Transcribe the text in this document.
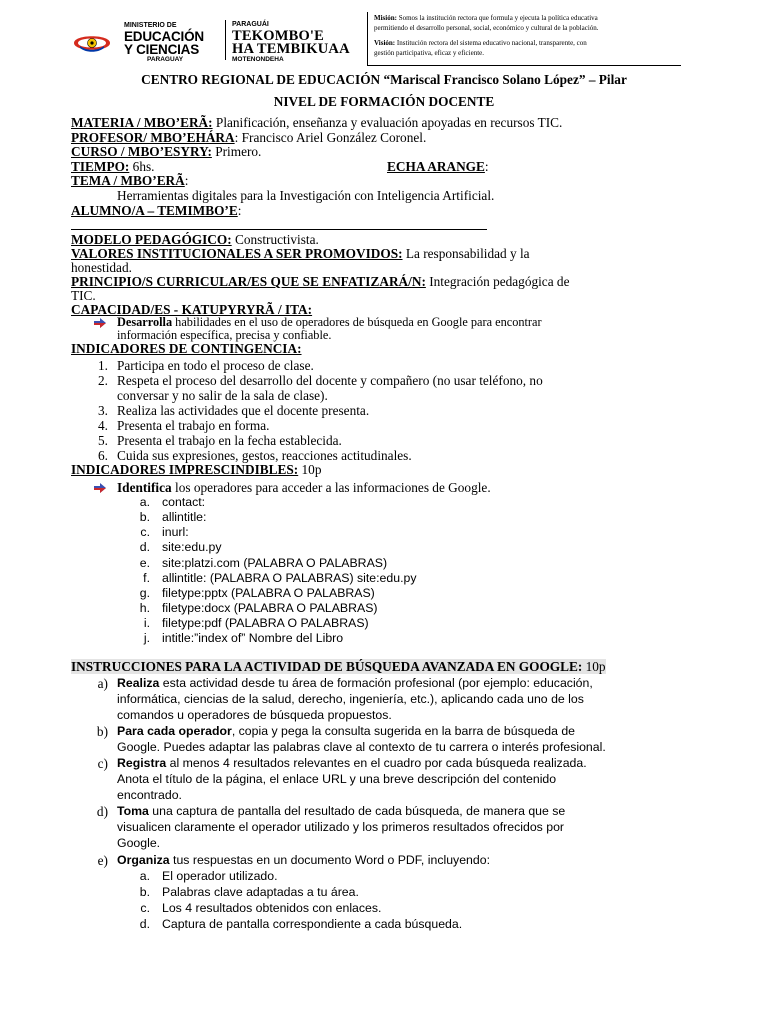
MINISTERIO DE
EDUCACIÓN
Y CIENCIAS
PARAGUAY
PARAGUÁI
TEKOMBO'E
HA TEMBIKUAA
MOTENONDEHA

Misión: Somos la institución rectora que formula y ejecuta la política educativa

permitiendo el desarrollo personal, social, económico y cultural de la población.

Visión: Institución rectora del sistema educativo nacional, transparente, con

gestión participativa, eficaz y eficiente.

CENTRO REGIONAL DE EDUCACIÓN “Mariscal Francisco Solano López” – Pilar
NIVEL DE FORMACIÓN DOCENTE
MATERIA / MBO’ERÃ: Planificación, enseñanza y evaluación apoyadas en recursos TIC.
PROFESOR/ MBO’EHÁRA: Francisco Ariel González Coronel.
CURSO / MBO’ESYRY: Primero.
TIEMPO: 6hs.	ECHA ARANGE:
TEMA / MBO’ERÃ:
Herramientas digitales para la Investigación con Inteligencia Artificial.
ALUMNO/A – TEMIMBO’E:
MODELO PEDAGÓGICO: Constructivista.
VALORES INSTITUCIONALES A SER PROMOVIDOS: La responsabilidad y la
honestidad.
PRINCIPIO/S CURRICULAR/ES QUE SE ENFATIZARÁ/N: Integración pedagógica de
TIC.
CAPACIDAD/ES - KATUPYRYRÃ / ITA:
Desarrolla habilidades en el uso de operadores de búsqueda en Google para encontrar
información específica, precisa y confiable.
INDICADORES DE CONTINGENCIA:
1. Participa en todo el proceso de clase.
2. Respeta el proceso del desarrollo del docente y compañero (no usar teléfono, no
conversar y no salir de la sala de clase).
3. Realiza las actividades que el docente presenta.
4. Presenta el trabajo en forma.
5. Presenta el trabajo en la fecha establecida.
6. Cuida sus expresiones, gestos, reacciones actitudinales.
INDICADORES IMPRESCINDIBLES: 10p
Identifica los operadores para acceder a las informaciones de Google.
a. contact:
b. allintitle:
c. inurl:
d. site:edu.py
e. site:platzi.com (PALABRA O PALABRAS)
f. allintitle: (PALABRA O PALABRAS) site:edu.py
g. filetype:pptx (PALABRA O PALABRAS)
h. filetype:docx (PALABRA O PALABRAS)
i. filetype:pdf (PALABRA O PALABRAS)
j. intitle:”index of” Nombre del Libro
INSTRUCCIONES PARA LA ACTIVIDAD DE BÚSQUEDA AVANZADA EN GOOGLE: 10p
a) Realiza esta actividad desde tu área de formación profesional (por ejemplo: educación,
informática, ciencias de la salud, derecho, ingeniería, etc.), aplicando cada uno de los
comandos u operadores de búsqueda propuestos.
b) Para cada operador, copia y pega la consulta sugerida en la barra de búsqueda de
Google. Puedes adaptar las palabras clave al contexto de tu carrera o interés profesional.
c) Registra al menos 4 resultados relevantes en el cuadro por cada búsqueda realizada.
Anota el título de la página, el enlace URL y una breve descripción del contenido
encontrado.
d) Toma una captura de pantalla del resultado de cada búsqueda, de manera que se
visualicen claramente el operador utilizado y los primeros resultados ofrecidos por
Google.
e) Organiza tus respuestas en un documento Word o PDF, incluyendo:
a. El operador utilizado.
b. Palabras clave adaptadas a tu área.
c. Los 4 resultados obtenidos con enlaces.
d. Captura de pantalla correspondiente a cada búsqueda.
